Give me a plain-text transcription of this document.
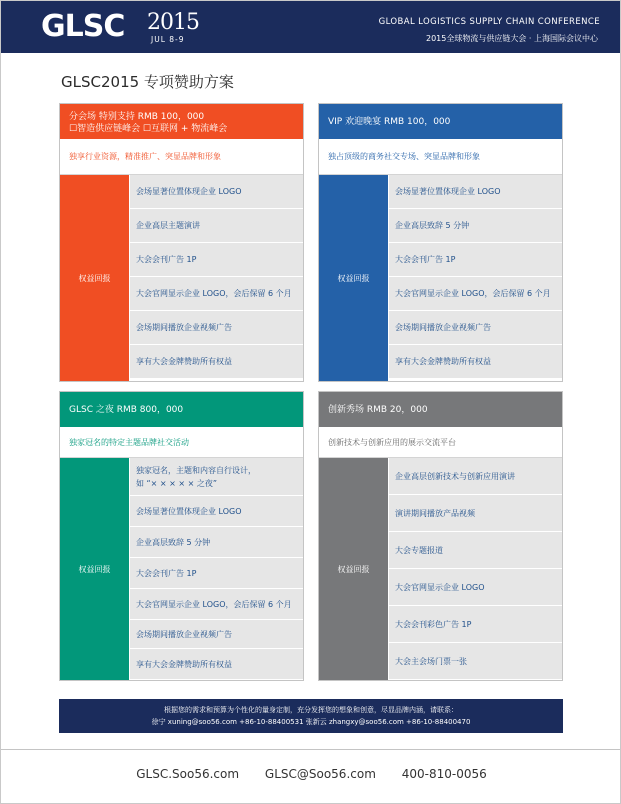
GLSC 2015
JUL 8-9
GLOBAL LOGISTICS SUPPLY CHAIN CONFERENCE
2015全球物流与供应链大会 · 上海国际会议中心
GLSC2015 专项赞助方案
分会场 特别支持 RMB 100，000
☐智造供应链峰会 ☐互联网 + 物流峰会
独享行业资源，精准推广、突显品牌和形象
权益回报
会场显著位置体现企业 LOGO
企业高层主题演讲
大会会刊广告 1P
大会官网显示企业 LOGO，会后保留 6 个月
会场期间播放企业视频广告
享有大会金牌赞助所有权益
VIP 欢迎晚宴 RMB 100，000
独占顶级的商务社交专场、突显品牌和形象
权益回报
会场显著位置体现企业 LOGO
企业高层致辞 5 分钟
大会会刊广告 1P
大会官网显示企业 LOGO，会后保留 6 个月
会场期间播放企业视频广告
享有大会金牌赞助所有权益
GLSC 之夜 RMB 800，000
独家冠名的特定主题品牌社交活动
权益回报
独家冠名，主题和内容自行设计，
如 “× × × × × 之夜”
会场显著位置体现企业 LOGO
企业高层致辞 5 分钟
大会会刊广告 1P
大会官网显示企业 LOGO，会后保留 6 个月
会场期间播放企业视频广告
享有大会金牌赞助所有权益
创新秀场 RMB 20，000
创新技术与创新应用的展示交流平台
权益回报
企业高层创新技术与创新应用演讲
演讲期间播放产品视频
大会专题报道
大会官网显示企业 LOGO
大会会刊彩色广告 1P
大会主会场门票一张
根据您的需求和预算为个性化的量身定制，充分发挥您的想象和创意，尽显品牌内涵，请联系：
徐宁 xuning@soo56.com +86-10-88400531 张新云 zhangxy@soo56.com +86-10-88400470
GLSC.Soo56.com GLSC@Soo56.com 400-810-0056
